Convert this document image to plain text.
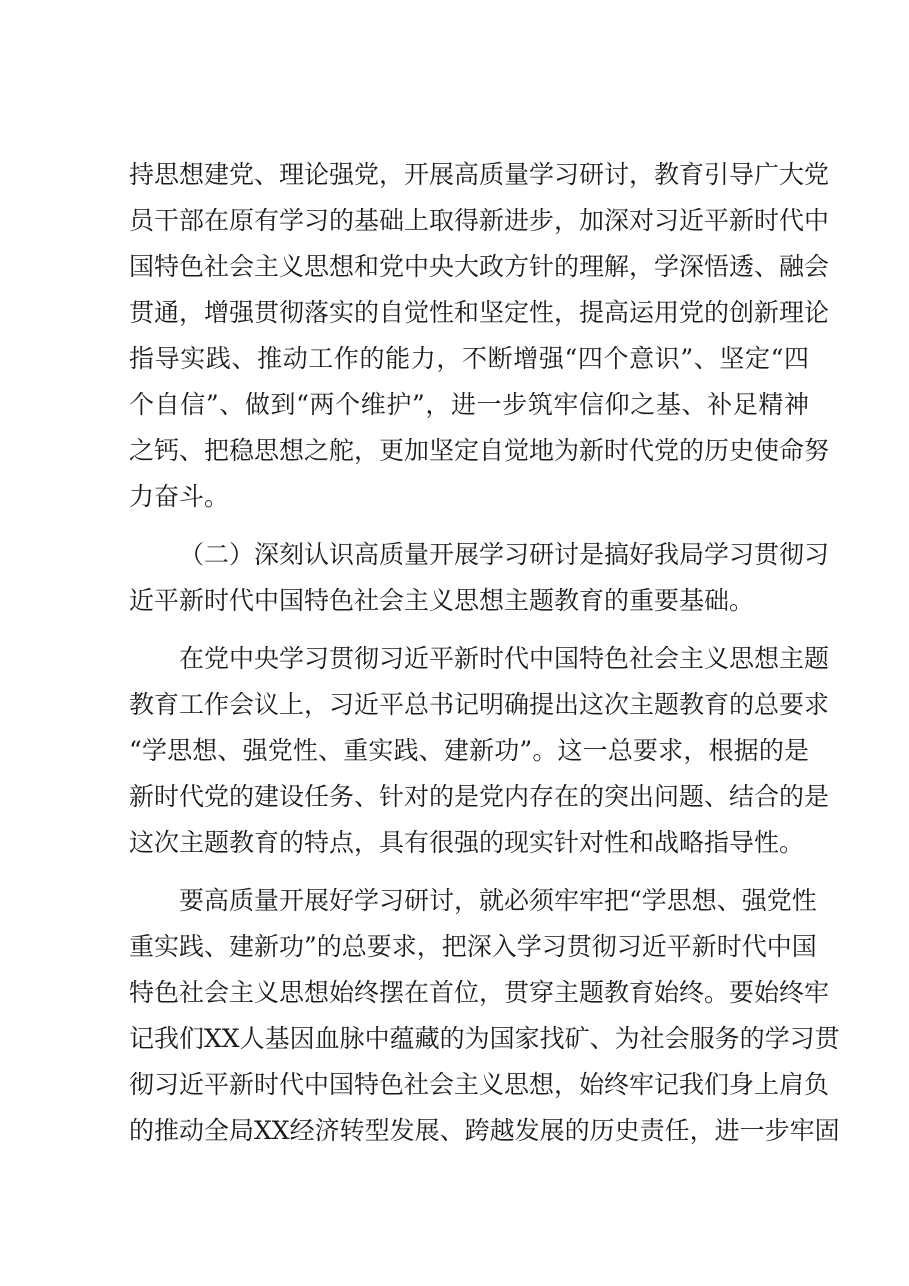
持思想建党、理论强党，开展高质量学习研讨，教育引导广大党
员干部在原有学习的基础上取得新进步，加深对习近平新时代中
国特色社会主义思想和党中央大政方针的理解，学深悟透、融会
贯通，增强贯彻落实的自觉性和坚定性，提高运用党的创新理论
指导实践、推动工作的能力，不断增强“四个意识”、坚定“四
个自信”、做到“两个维护”，进一步筑牢信仰之基、补足精神
之钙、把稳思想之舵，更加坚定自觉地为新时代党的历史使命努
力奋斗。
（二）深刻认识高质量开展学习研讨是搞好我局学习贯彻习
近平新时代中国特色社会主义思想主题教育的重要基础。
在党中央学习贯彻习近平新时代中国特色社会主义思想主题
教育工作会议上，习近平总书记明确提出这次主题教育的总要求
“学思想、强党性、重实践、建新功”。这一总要求，根据的是
新时代党的建设任务、针对的是党内存在的突出问题、结合的是
这次主题教育的特点，具有很强的现实针对性和战略指导性。
要高质量开展好学习研讨，就必须牢牢把“学思想、强党性
重实践、建新功”的总要求，把深入学习贯彻习近平新时代中国
特色社会主义思想始终摆在首位，贯穿主题教育始终。要始终牢
记我们XX人基因血脉中蕴藏的为国家找矿、为社会服务的学习贯
彻习近平新时代中国特色社会主义思想，始终牢记我们身上肩负
的推动全局XX经济转型发展、跨越发展的历史责任，进一步牢固
